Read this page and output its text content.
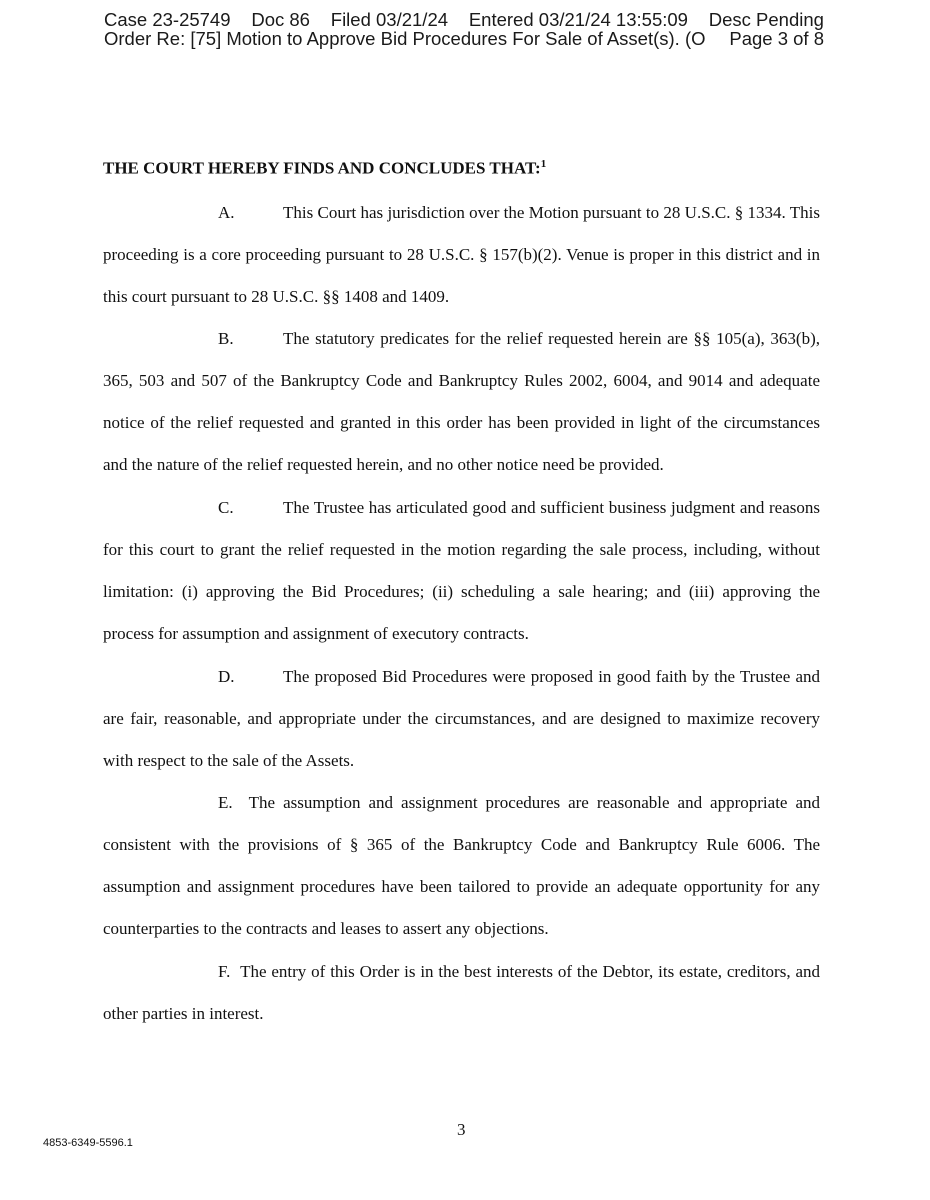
Case 23-25749 Doc 86 Filed 03/21/24 Entered 03/21/24 13:55:09 Desc Pending
Order Re: [75] Motion to Approve Bid Procedures For Sale of Asset(s). (O Page 3 of 8
THE COURT HEREBY FINDS AND CONCLUDES THAT:$^1$

A.	This Court has jurisdiction over the Motion pursuant to 28 U.S.C. § 1334. This proceeding is a core proceeding pursuant to 28 U.S.C. § 157(b)(2). Venue is proper in this district and in this court pursuant to 28 U.S.C. §§ 1408 and 1409.

B.	The statutory predicates for the relief requested herein are §§ 105(a), 363(b), 365, 503 and 507 of the Bankruptcy Code and Bankruptcy Rules 2002, 6004, and 9014 and adequate notice of the relief requested and granted in this order has been provided in light of the circumstances and the nature of the relief requested herein, and no other notice need be provided.

C.	The Trustee has articulated good and sufficient business judgment and reasons for this court to grant the relief requested in the motion regarding the sale process, including, without limitation: (i) approving the Bid Procedures; (ii) scheduling a sale hearing; and (iii) approving the process for assumption and assignment of executory contracts.

D.	The proposed Bid Procedures were proposed in good faith by the Trustee and are fair, reasonable, and appropriate under the circumstances, and are designed to maximize recovery with respect to the sale of the Assets.

E. The assumption and assignment procedures are reasonable and appropriate and consistent with the provisions of § 365 of the Bankruptcy Code and Bankruptcy Rule 6006. The assumption and assignment procedures have been tailored to provide an adequate opportunity for any counterparties to the contracts and leases to assert any objections.

F. The entry of this Order is in the best interests of the Debtor, its estate, creditors, and other parties in interest.

3
4853-6349-5596.1
